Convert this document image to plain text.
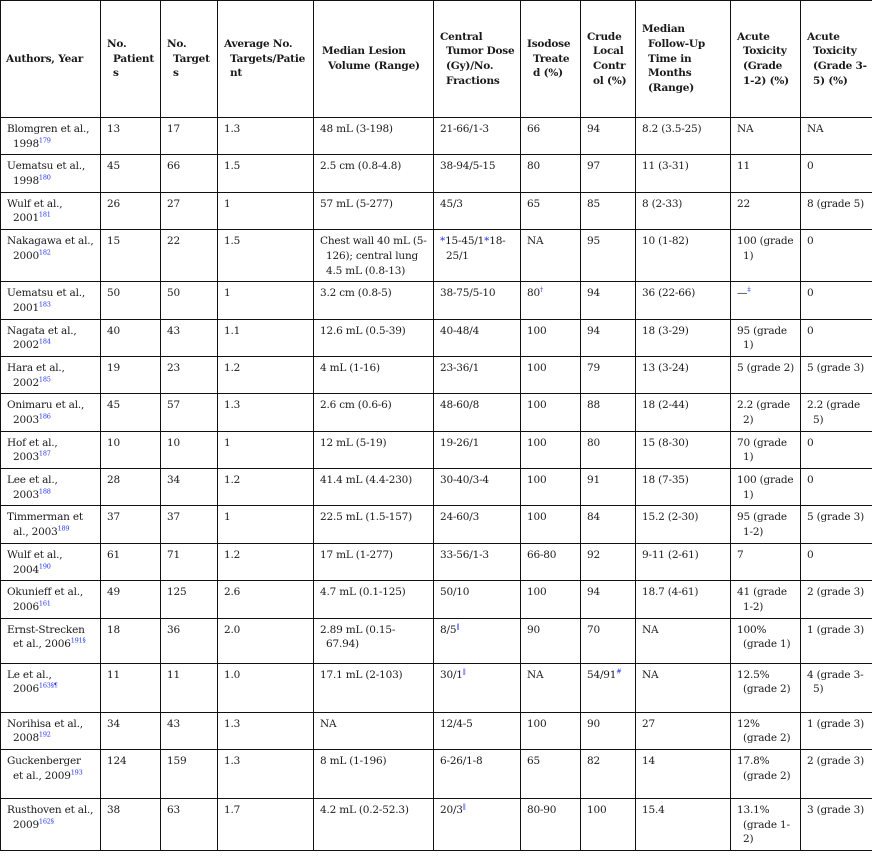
Authors, Year	No. Patients	No. Targets	Average No. Targets/Patient	Median Lesion Volume (Range)	Central Tumor Dose (Gy)/No. Fractions	Isodose Treated (%)	Crude Local Control (%)	Median Follow-Up Time in Months (Range)	Acute Toxicity (Grade 1-2) (%)	Acute Toxicity (Grade 3-5) (%)
Blomgren et al., 1998$^{179}$	13	17	1.3	48 mL (3-198)	21-66/1-3	66	94	8.2 (3.5-25)	NA	NA
Uematsu et al., 1998$^{180}$	45	66	1.5	2.5 cm (0.8-4.8)	38-94/5-15	80	97	11 (3-31)	11	0
Wulf et al., 2001$^{181}$	26	27	1	57 mL (5-277)	45/3	65	85	8 (2-33)	22	8 (grade 5)
Nakagawa et al., 2000$^{182}$	15	22	1.5	Chest wall 40 mL (5-126); central lung 4.5 mL (0.8-13)	*15-45/1*18-25/1	NA	95	10 (1-82)	100 (grade 1)	0
Uematsu et al., 2001$^{183}$	50	50	1	3.2 cm (0.8-5)	38-75/5-10	80†	94	36 (22-66)	—‡	0
Nagata et al., 2002$^{184}$	40	43	1.1	12.6 mL (0.5-39)	40-48/4	100	94	18 (3-29)	95 (grade 1)	0
Hara et al., 2002$^{185}$	19	23	1.2	4 mL (1-16)	23-36/1	100	79	13 (3-24)	5 (grade 2)	5 (grade 3)
Onimaru et al., 2003$^{186}$	45	57	1.3	2.6 cm (0.6-6)	48-60/8	100	88	18 (2-44)	2.2 (grade 2)	2.2 (grade 5)
Hof et al., 2003$^{187}$	10	10	1	12 mL (5-19)	19-26/1	100	80	15 (8-30)	70 (grade 1)	0
Lee et al., 2003$^{188}$	28	34	1.2	41.4 mL (4.4-230)	30-40/3-4	100	91	18 (7-35)	100 (grade 1)	0
Timmerman et al., 2003$^{189}$	37	37	1	22.5 mL (1.5-157)	24-60/3	100	84	15.2 (2-30)	95 (grade 1-2)	5 (grade 3)
Wulf et al., 2004$^{190}$	61	71	1.2	17 mL (1-277)	33-56/1-3	66-80	92	9-11 (2-61)	7	0
Okunieff et al., 2006$^{161}$	49	125	2.6	4.7 mL (0.1-125)	50/10	100	94	18.7 (4-61)	41 (grade 1-2)	2 (grade 3)
Ernst-Strecken et al., $2006^{191\S}$	18	36	2.0	2.89 mL (0.15-67.94)	8/5‖	90	70	NA	100% (grade 1)	1 (grade 3)
Le et al., $2006^{163\S\P}$	11	11	1.0	17.1 mL (2-103)	30/1‖	NA	54/91#	NA	12.5% (grade 2)	4 (grade 3-5)
Norihisa et al., 2008$^{192}$	34	43	1.3	NA	12/4-5	100	90	27	12% (grade 2)	1 (grade 3)
Guckenberger et al., 2009$^{193}$	124	159	1.3	8 mL (1-196)	6-26/1-8	65	82	14	17.8% (grade 2)	2 (grade 3)
Rusthoven et al., $2009^{162\S}$	38	63	1.7	4.2 mL (0.2-52.3)	20/3‖	80-90	100	15.4	13.1% (grade 1-2)	3 (grade 3)
